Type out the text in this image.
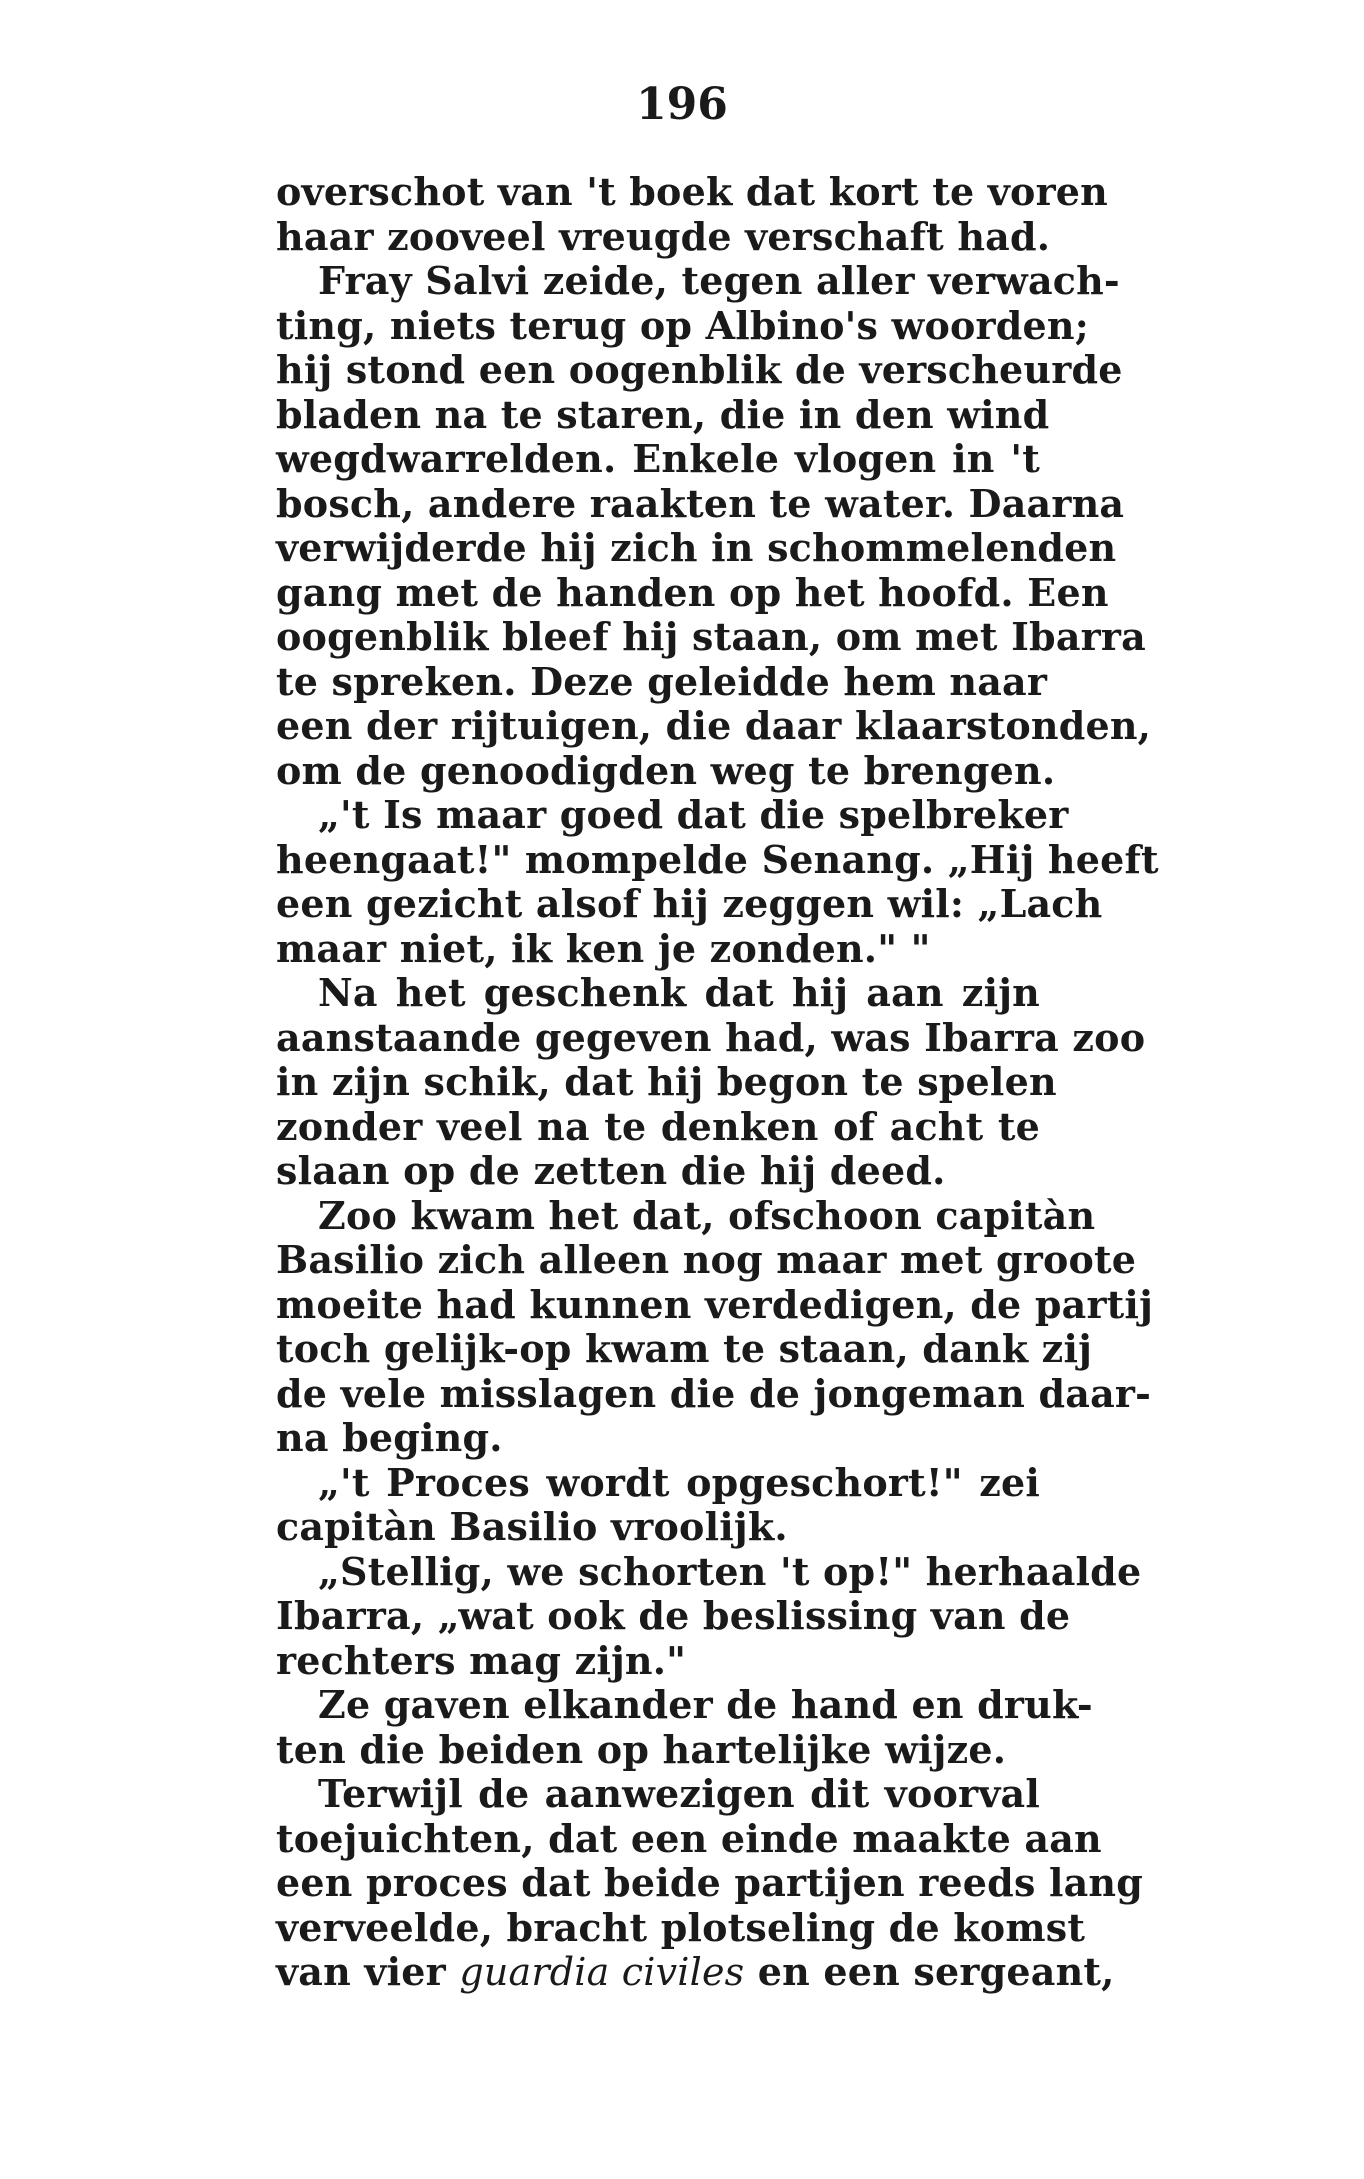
196
overschot van 't boek dat kort te voren
haar zooveel vreugde verschaft had.
Fray Salvi zeide, tegen aller verwach-
ting, niets terug op Albino's woorden;
hij stond een oogenblik de verscheurde
bladen na te staren, die in den wind
wegdwarrelden. Enkele vlogen in 't
bosch, andere raakten te water. Daarna
verwijderde hij zich in schommelenden
gang met de handen op het hoofd. Een
oogenblik bleef hij staan, om met Ibarra
te spreken. Deze geleidde hem naar
een der rijtuigen, die daar klaarstonden,
om de genoodigden weg te brengen.
„'t Is maar goed dat die spelbreker
heengaat!" mompelde Senang. „Hij heeft
een gezicht alsof hij zeggen wil: „Lach
maar niet, ik ken je zonden." "
Na het geschenk dat hij aan zijn
aanstaande gegeven had, was Ibarra zoo
in zijn schik, dat hij begon te spelen
zonder veel na te denken of acht te
slaan op de zetten die hij deed.
Zoo kwam het dat, ofschoon capitàn
Basilio zich alleen nog maar met groote
moeite had kunnen verdedigen, de partij
toch gelijk-op kwam te staan, dank zij
de vele misslagen die de jongeman daar-
na beging.
„'t Proces wordt opgeschort!" zei
capitàn Basilio vroolijk.
„Stellig, we schorten 't op!" herhaalde
Ibarra, „wat ook de beslissing van de
rechters mag zijn."
Ze gaven elkander de hand en druk-
ten die beiden op hartelijke wijze.
Terwijl de aanwezigen dit voorval
toejuichten, dat een einde maakte aan
een proces dat beide partijen reeds lang
verveelde, bracht plotseling de komst
van vier guardia civiles en een sergeant,
